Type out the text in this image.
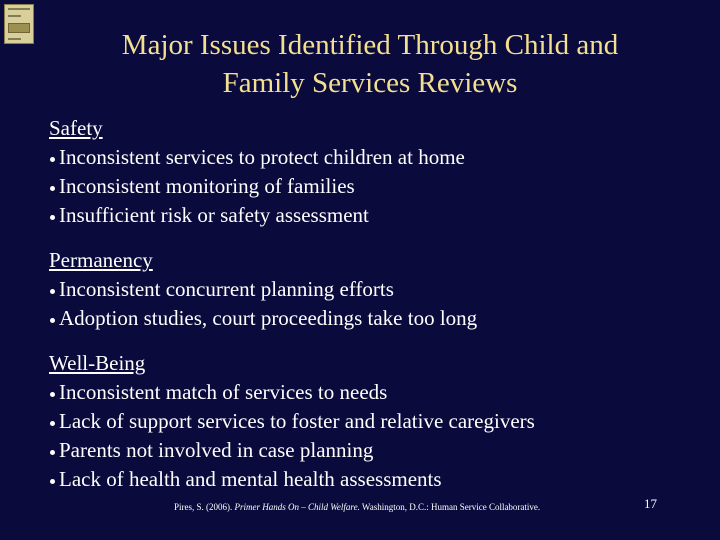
Major Issues Identified Through Child and
Family Services Reviews
Safety
Inconsistent services to protect children at home
Inconsistent monitoring of families
Insufficient risk or safety assessment
Permanency
Inconsistent concurrent planning efforts
Adoption studies, court proceedings take too long
Well-Being
Inconsistent match of services to needs
Lack of support services to foster and relative caregivers
Parents not involved in case planning
Lack of health and mental health assessments
Pires, S. (2006). Primer Hands On – Child Welfare. Washington, D.C.: Human Service Collaborative.	17
